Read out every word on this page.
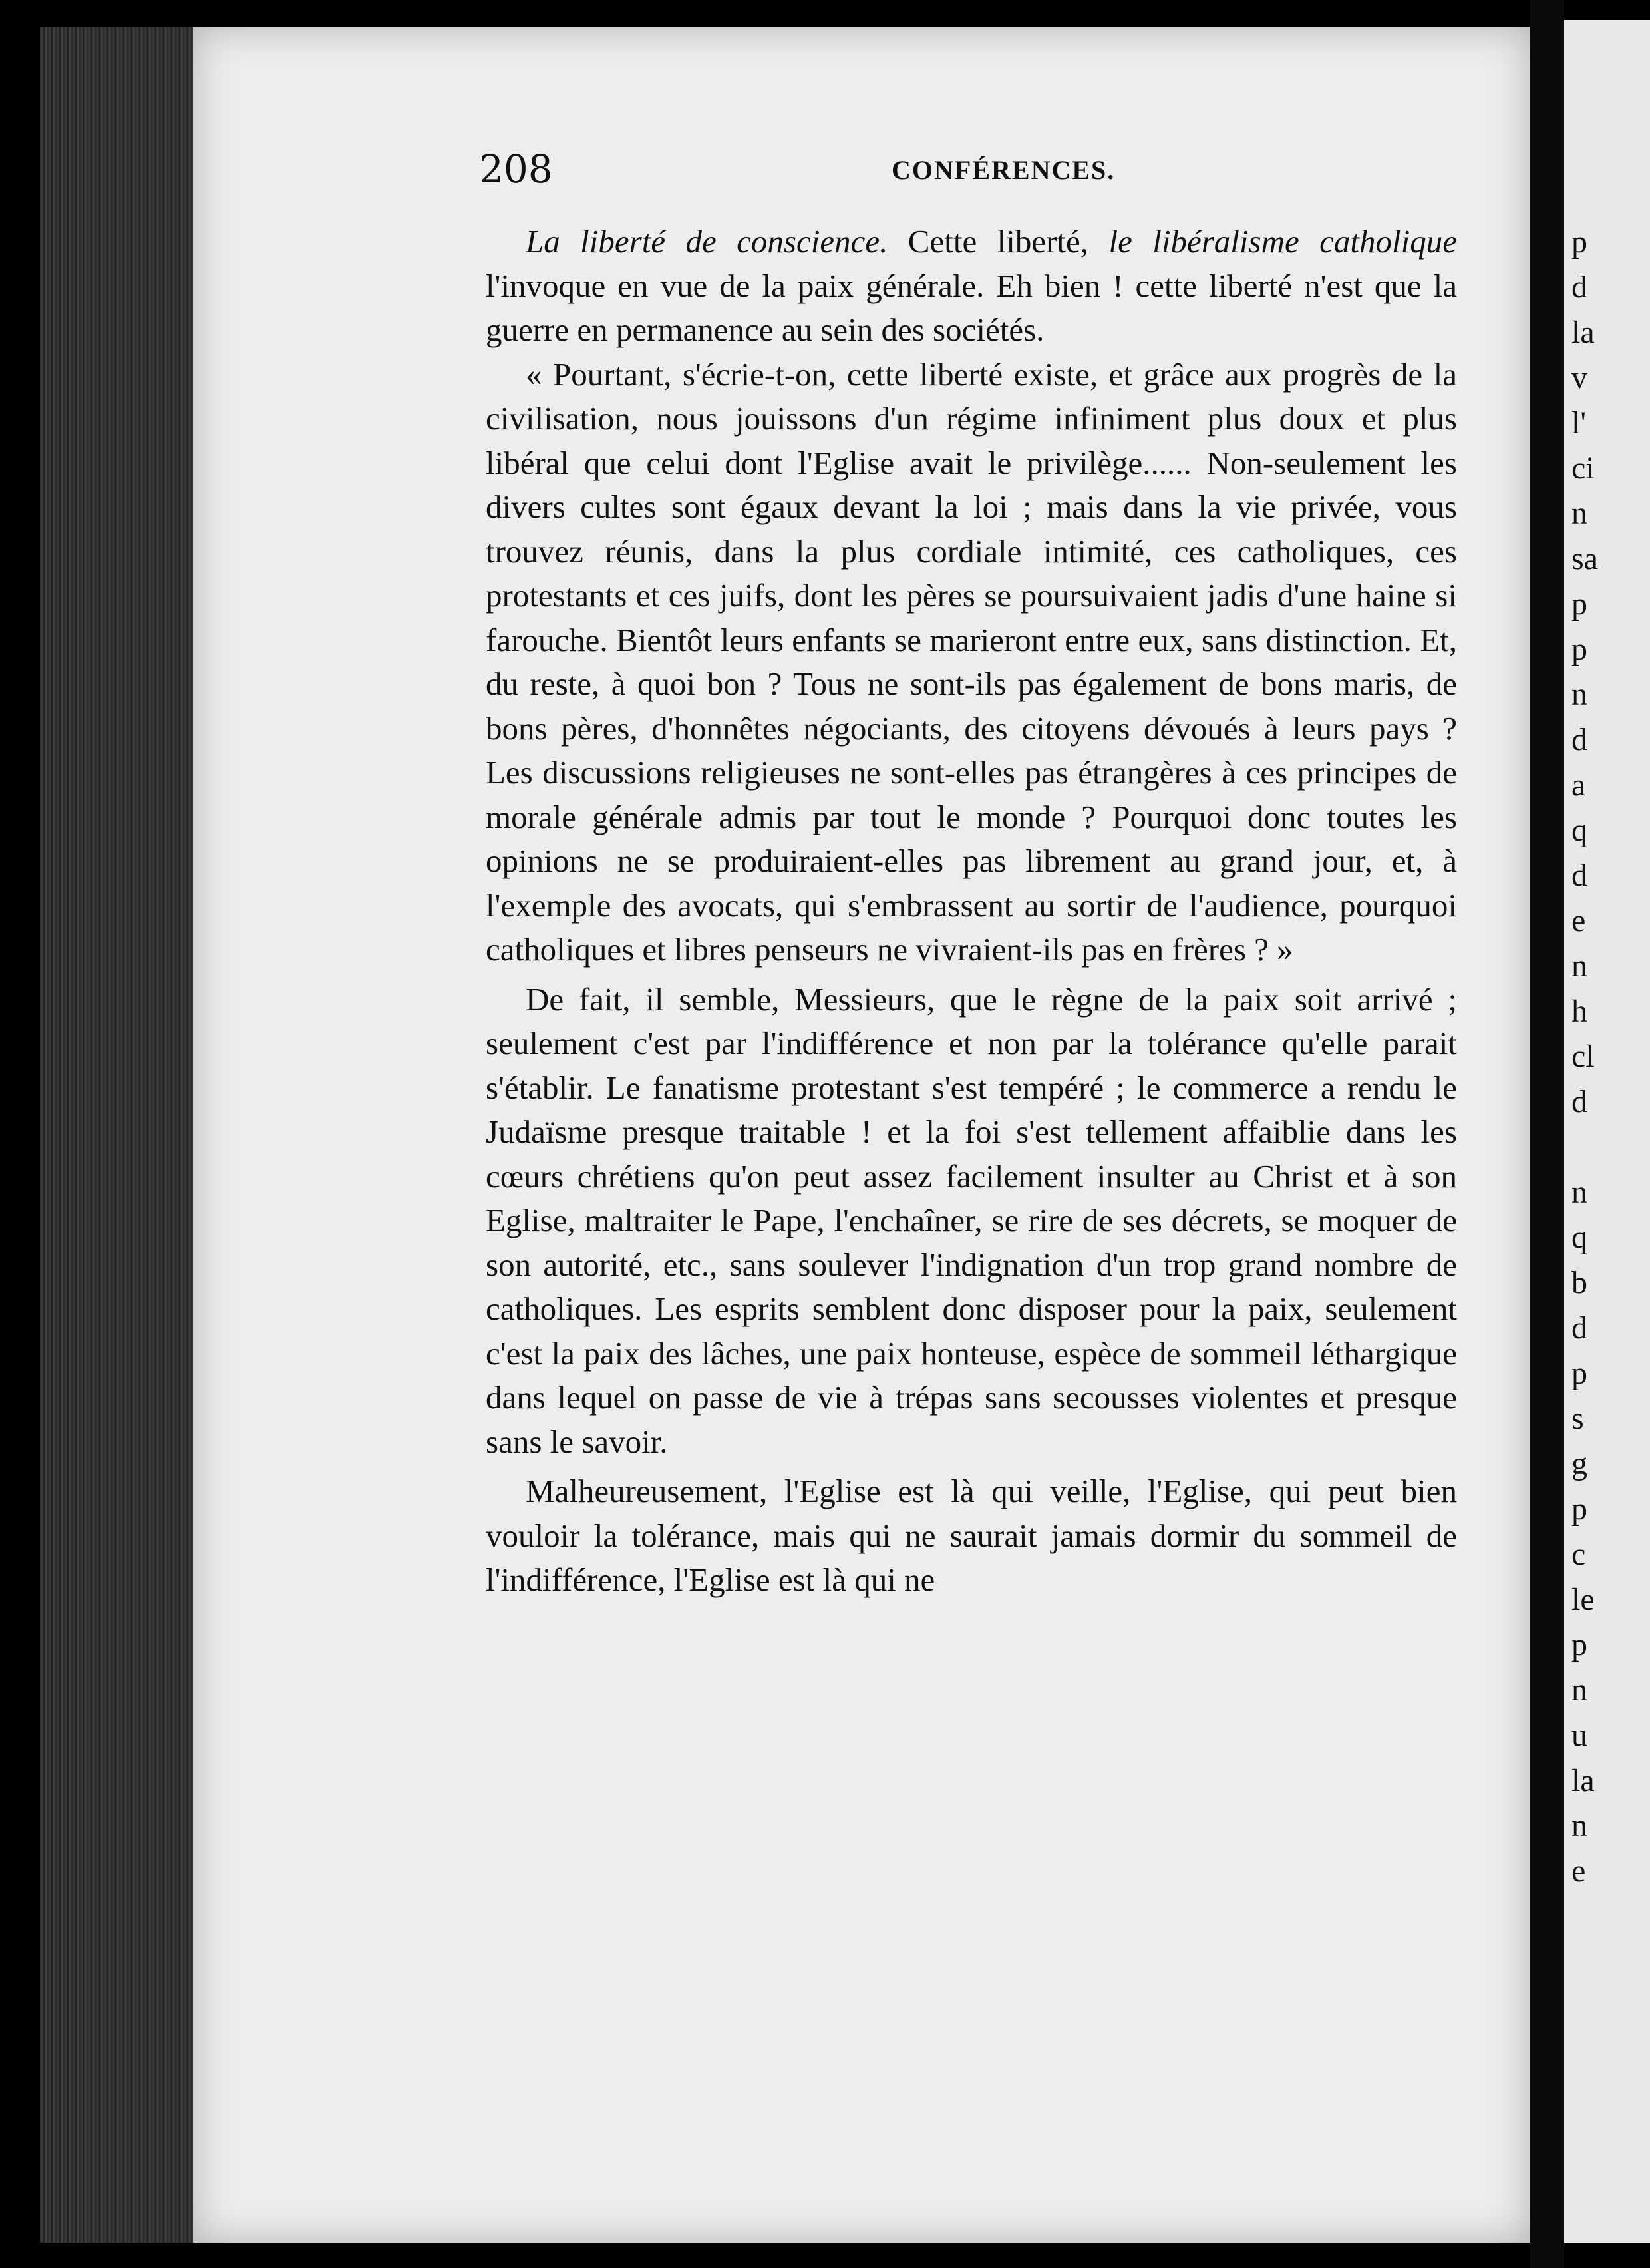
p
d
la
v
l'
ci
n
sa
p
p
n
d
a
q
d
e
n
h
cl
d
n
q
b
d
p
s
g
p
c
le
p
n
u
la
n
e
208	CONFÉRENCES.

La liberté de conscience. Cette liberté, le libéralisme catholique l'invoque en vue de la paix générale. Eh bien ! cette liberté n'est que la guerre en permanence au sein des sociétés.

« Pourtant, s'écrie-t-on, cette liberté existe, et grâce aux progrès de la civilisation, nous jouissons d'un régime infiniment plus doux et plus libéral que celui dont l'Eglise avait le privilège...... Non-seulement les divers cultes sont égaux devant la loi ; mais dans la vie privée, vous trouvez réunis, dans la plus cordiale intimité, ces catholiques, ces protestants et ces juifs, dont les pères se poursuivaient jadis d'une haine si farouche. Bientôt leurs enfants se marieront entre eux, sans distinction. Et, du reste, à quoi bon ? Tous ne sont-ils pas également de bons maris, de bons pères, d'honnêtes négociants, des citoyens dévoués à leurs pays ? Les discussions religieuses ne sont-elles pas étrangères à ces principes de morale générale admis par tout le monde ? Pourquoi donc toutes les opinions ne se produiraient-elles pas librement au grand jour, et, à l'exemple des avocats, qui s'embrassent au sortir de l'audience, pourquoi catholiques et libres penseurs ne vivraient-ils pas en frères ? »

De fait, il semble, Messieurs, que le règne de la paix soit arrivé ; seulement c'est par l'indifférence et non par la tolérance qu'elle parait s'établir. Le fanatisme protestant s'est tempéré ; le commerce a rendu le Judaïsme presque traitable ! et la foi s'est tellement affaiblie dans les cœurs chrétiens qu'on peut assez facilement insulter au Christ et à son Eglise, maltraiter le Pape, l'enchaîner, se rire de ses décrets, se moquer de son autorité, etc., sans soulever l'indignation d'un trop grand nombre de catholiques. Les esprits semblent donc disposer pour la paix, seulement c'est la paix des lâches, une paix honteuse, espèce de sommeil léthargique dans lequel on passe de vie à trépas sans secousses violentes et presque sans le savoir.

Malheureusement, l'Eglise est là qui veille, l'Eglise, qui peut bien vouloir la tolérance, mais qui ne saurait jamais dormir du sommeil de l'indifférence, l'Eglise est là qui ne
